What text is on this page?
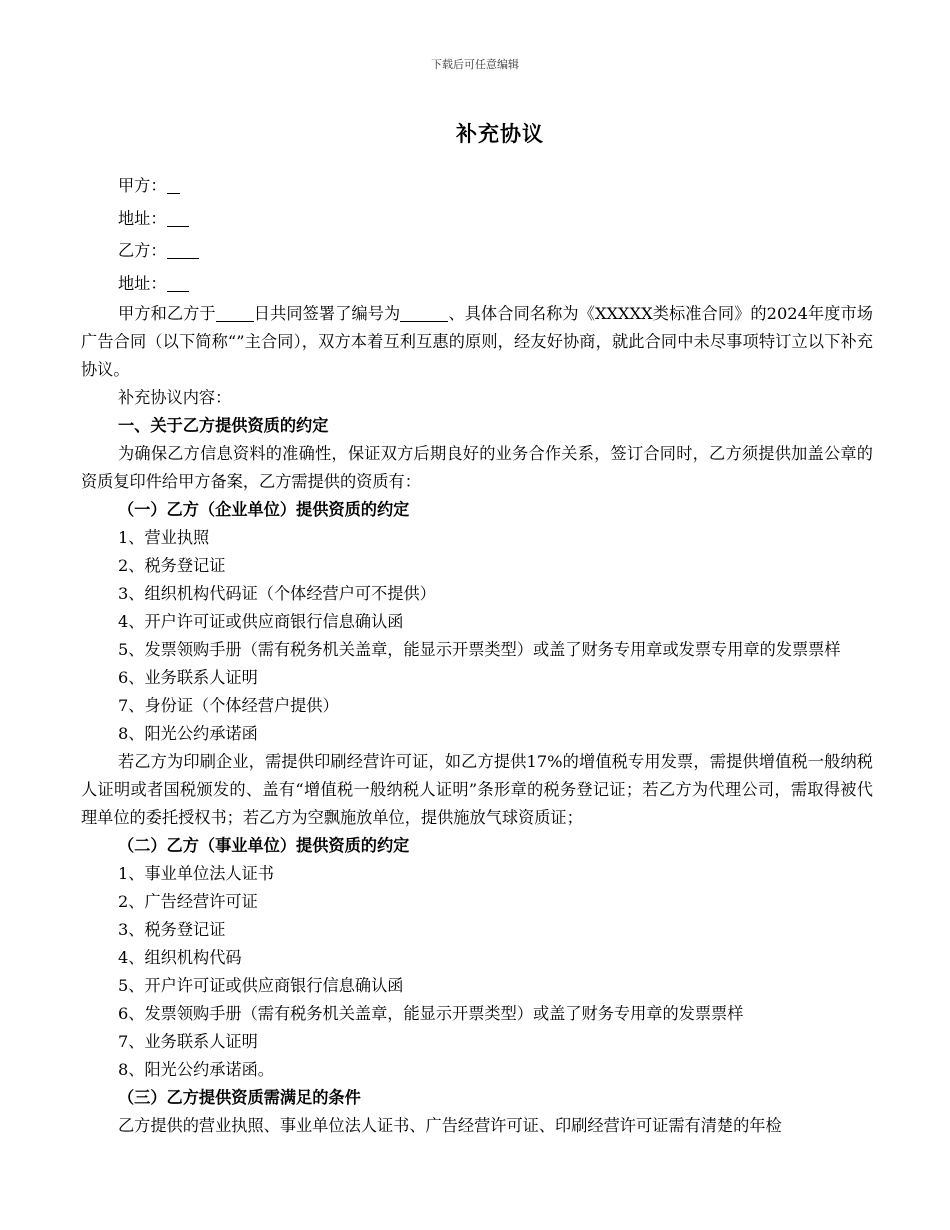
下载后可任意编辑
补充协议

甲方：

地址：

乙方：

地址：

甲方和乙方于 日共同签署了编号为	、具体合同名称为《XXXXX类标准合同》的2024年度市场广告合同（以下简称“”主合同），双方本着互利互惠的原则，经友好协商，就此合同中未尽事项特订立以下补充协议。

补充协议内容：

一、关于乙方提供资质的约定

为确保乙方信息资料的准确性，保证双方后期良好的业务合作关系，签订合同时，乙方须提供加盖公章的资质复印件给甲方备案，乙方需提供的资质有：

（一）乙方（企业单位）提供资质的约定

1、营业执照

2、税务登记证

3、组织机构代码证（个体经营户可不提供）

4、开户许可证或供应商银行信息确认函

5、发票领购手册（需有税务机关盖章，能显示开票类型）或盖了财务专用章或发票专用章的发票票样

6、业务联系人证明

7、身份证（个体经营户提供）

8、阳光公约承诺函

若乙方为印刷企业，需提供印刷经营许可证，如乙方提供17%的增值税专用发票，需提供增值税一般纳税人证明或者国税颁发的、盖有“增值税一般纳税人证明”条形章的税务登记证；若乙方为代理公司，需取得被代理单位的委托授权书；若乙方为空飘施放单位，提供施放气球资质证；

（二）乙方（事业单位）提供资质的约定

1、事业单位法人证书

2、广告经营许可证

3、税务登记证

4、组织机构代码

5、开户许可证或供应商银行信息确认函

6、发票领购手册（需有税务机关盖章，能显示开票类型）或盖了财务专用章的发票票样

7、业务联系人证明

8、阳光公约承诺函。

（三）乙方提供资质需满足的条件

乙方提供的营业执照、事业单位法人证书、广告经营许可证、印刷经营许可证需有清楚的年检
